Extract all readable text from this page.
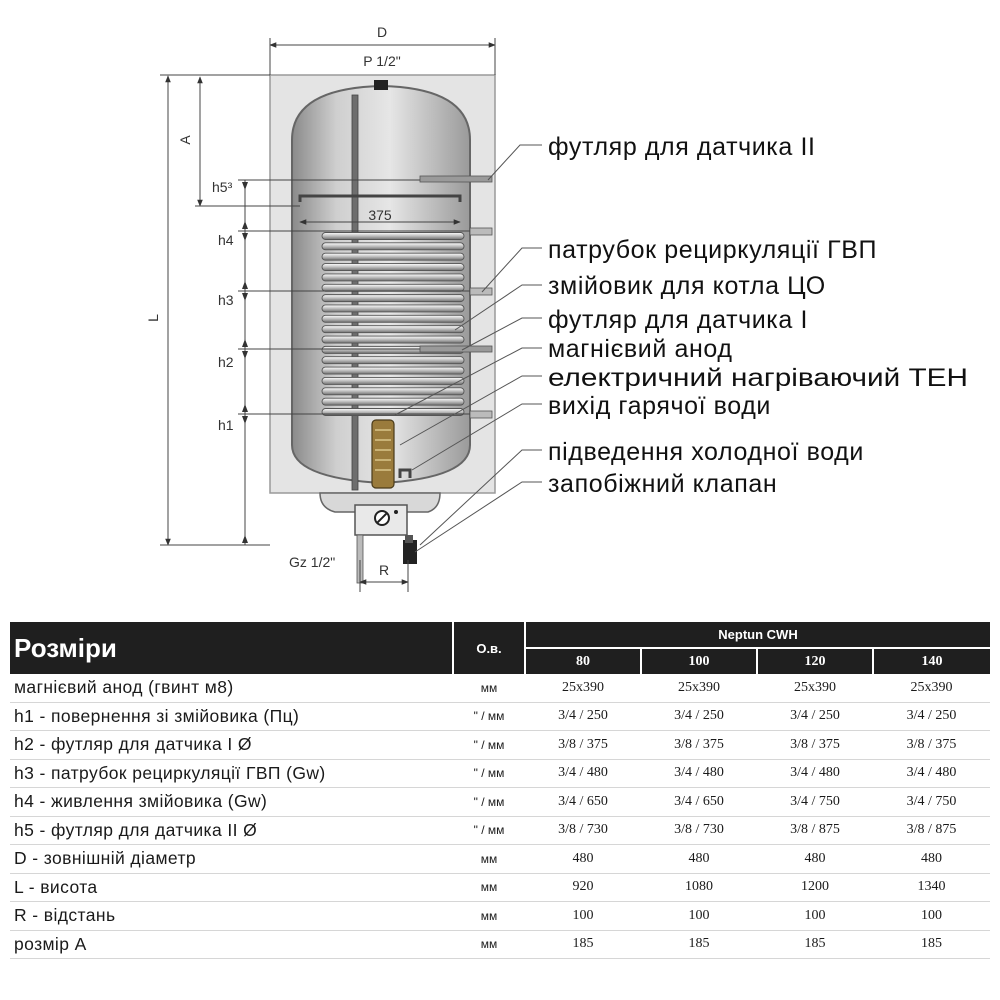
D
P 1/2"
A
L
h5³
375
h4
h3
h2
h1
Gz 1/2"	R
футляр для датчика II
патрубок рециркуляції ГВП
змійовик для котла ЦО
футляр для датчика I
магнієвий анод
електричний нагріваючий ТЕН
вихід гарячої води
підведення холодної води
запобіжний клапан
Розміри	О.в.	Neptun CWH			
		80	100	120	140
магнієвий анод (гвинт м8)	мм	25x390	25x390	25x390	25x390
h1 - повернення зі змійовика (Пц)	" / мм	3/4 / 250	3/4 / 250	3/4 / 250	3/4 / 250
h2 - футляр для датчика I Ø	" / мм	3/8 / 375	3/8 / 375	3/8 / 375	3/8 / 375
h3 - патрубок рециркуляції ГВП (Gw)	" / мм	3/4 / 480	3/4 / 480	3/4 / 480	3/4 / 480
h4 - живлення змійовика (Gw)	" / мм	3/4 / 650	3/4 / 650	3/4 / 750	3/4 / 750
h5 - футляр для датчика II Ø	" / мм	3/8 / 730	3/8 / 730	3/8 / 875	3/8 / 875
D - зовнішній діаметр	мм	480	480	480	480
L - висота	мм	920	1080	1200	1340
R - відстань	мм	100	100	100	100
розмір A	мм	185	185	185	185
